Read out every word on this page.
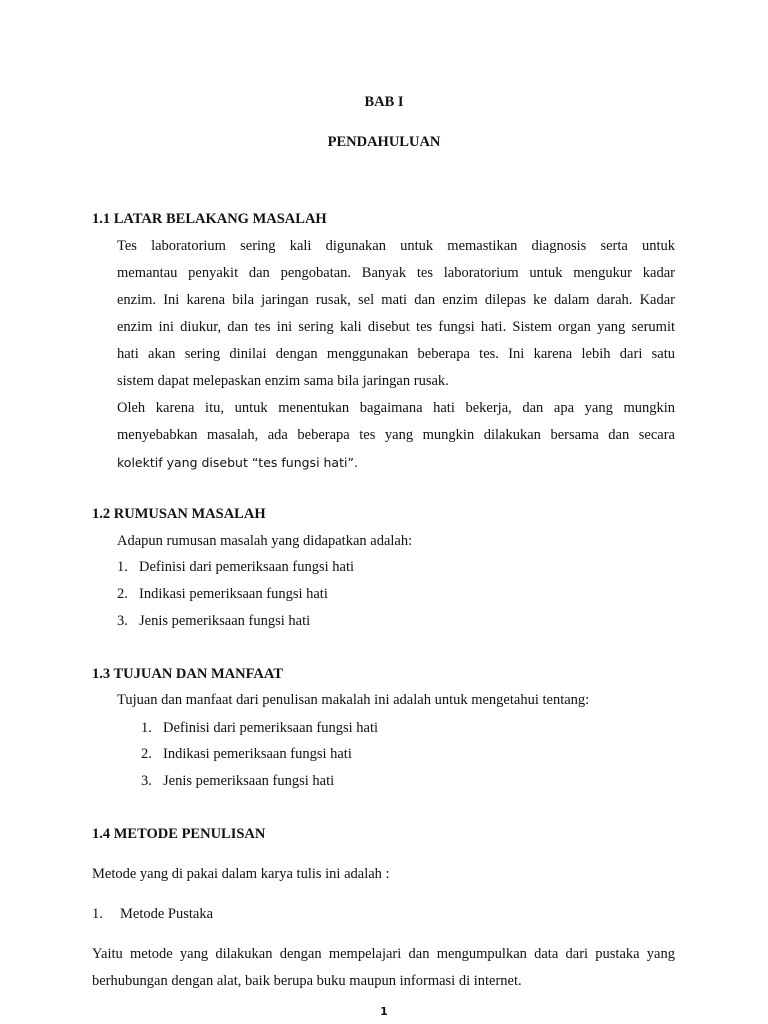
BAB I
PENDAHULUAN
1.1 LATAR BELAKANG MASALAH
Tes laboratorium sering kali digunakan untuk memastikan diagnosis serta untuk
memantau penyakit dan pengobatan. Banyak tes laboratorium untuk mengukur kadar
enzim. Ini karena bila jaringan rusak, sel mati dan enzim dilepas ke dalam darah. Kadar
enzim ini diukur, dan tes ini sering kali disebut tes fungsi hati. Sistem organ yang serumit
hati akan sering dinilai dengan menggunakan beberapa tes. Ini karena lebih dari satu
sistem dapat melepaskan enzim sama bila jaringan rusak.
Oleh karena itu, untuk menentukan bagaimana hati bekerja, dan apa yang mungkin
menyebabkan masalah, ada beberapa tes yang mungkin dilakukan bersama dan secara
kolektif yang disebut “tes fungsi hati”.
1.2 RUMUSAN MASALAH
Adapun rumusan masalah yang didapatkan adalah:
1. Definisi dari pemeriksaan fungsi hati
2. Indikasi pemeriksaan fungsi hati
3. Jenis pemeriksaan fungsi hati
1.3 TUJUAN DAN MANFAAT
Tujuan dan manfaat dari penulisan makalah ini adalah untuk mengetahui tentang:
1. Definisi dari pemeriksaan fungsi hati
2. Indikasi pemeriksaan fungsi hati
3. Jenis pemeriksaan fungsi hati
1.4 METODE PENULISAN
Metode yang di pakai dalam karya tulis ini adalah :
1. Metode Pustaka
Yaitu metode yang dilakukan dengan mempelajari dan mengumpulkan data dari pustaka yang
berhubungan dengan alat, baik berupa buku maupun informasi di internet.
1
